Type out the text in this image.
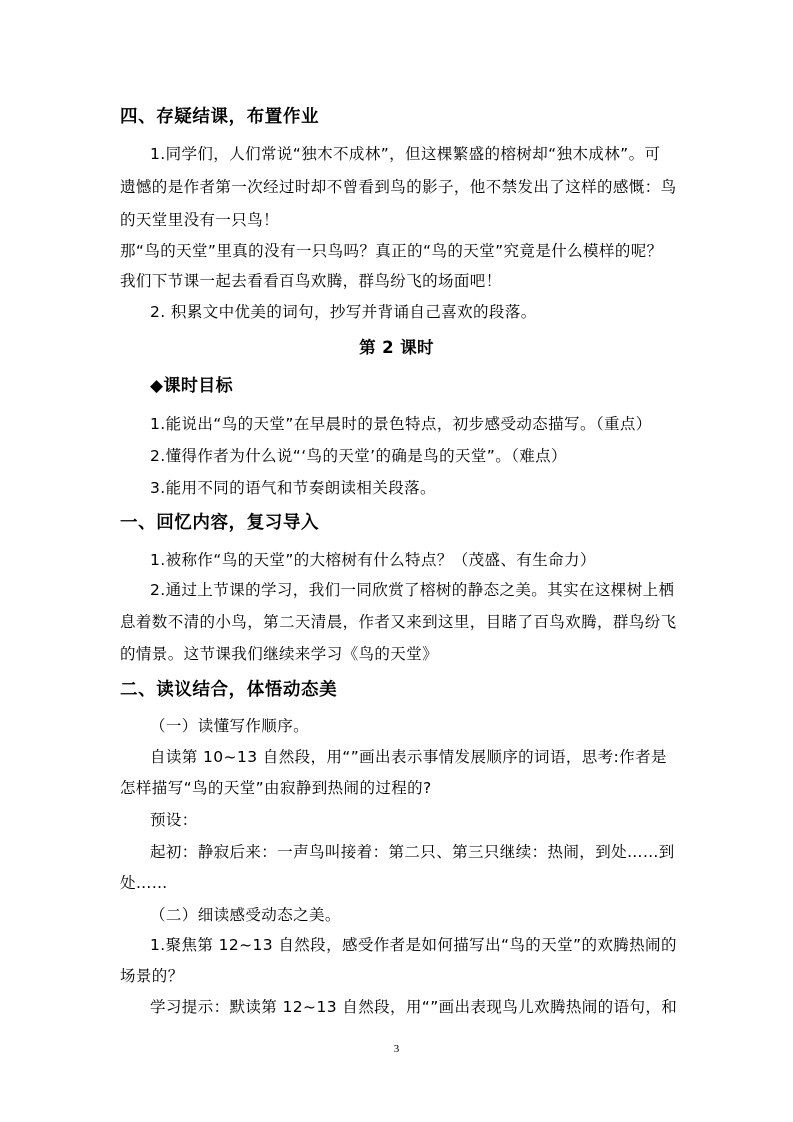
四、存疑结课，布置作业
1.同学们，人们常说“独木不成林”，但这棵繁盛的榕树却“独木成林”。可
遗憾的是作者第一次经过时却不曾看到鸟的影子，他不禁发出了这样的感慨：鸟
的天堂里没有一只鸟！
那“鸟的天堂”里真的没有一只鸟吗？真正的“鸟的天堂”究竟是什么模样的呢？
我们下节课一起去看看百鸟欢腾，群鸟纷飞的场面吧！
2. 积累文中优美的词句，抄写并背诵自己喜欢的段落。
第 2 课时
◆课时目标
1.能说出“鸟的天堂”在早晨时的景色特点，初步感受动态描写。（重点）
2.懂得作者为什么说“‘鸟的天堂’的确是鸟的天堂”。（难点）
3.能用不同的语气和节奏朗读相关段落。
一、回忆内容，复习导入
1.被称作“鸟的天堂”的大榕树有什么特点？（茂盛、有生命力）
2.通过上节课的学习，我们一同欣赏了榕树的静态之美。其实在这棵树上栖
息着数不清的小鸟，第二天清晨，作者又来到这里，目睹了百鸟欢腾，群鸟纷飞
的情景。这节课我们继续来学习《鸟的天堂》
二、读议结合，体悟动态美
（一）读懂写作顺序。
自读第 10~13 自然段，用“”画出表示事情发展顺序的词语，思考:作者是
怎样描写“鸟的天堂”由寂静到热闹的过程的?
预设：
起初：静寂后来：一声鸟叫接着：第二只、第三只继续：热闹，到处……到
处……
（二）细读感受动态之美。
1.聚焦第 12~13 自然段，感受作者是如何描写出“鸟的天堂”的欢腾热闹的
场景的？
学习提示：默读第 12~13 自然段，用“”画出表现鸟儿欢腾热闹的语句，和
3
